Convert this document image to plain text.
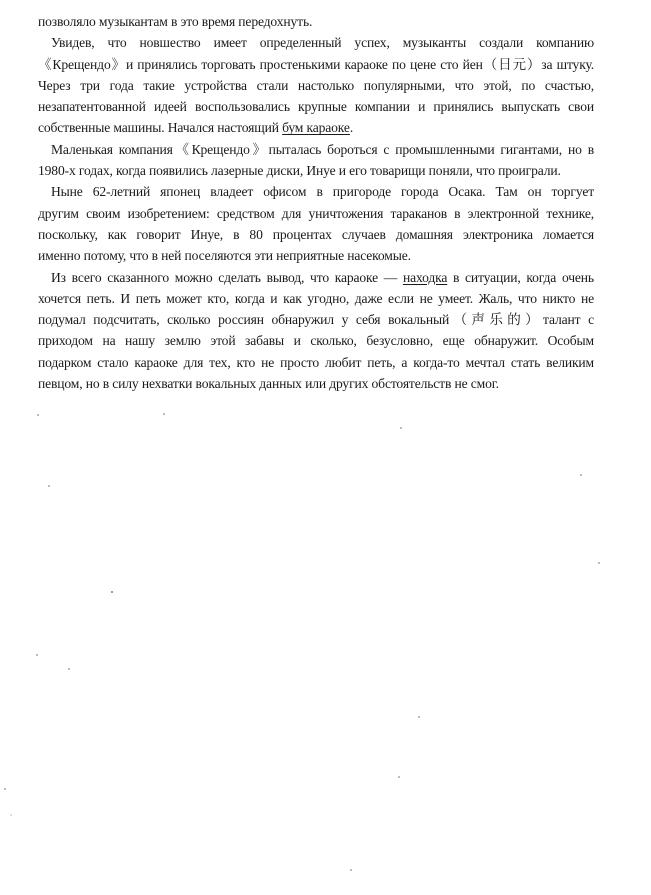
позволяло музыкантам в это время передохнуть.
Увидев, что новшество имеет определенный успех, музыканты создали компанию
《Крещендо》и принялись торговать простенькими караоке по цене сто йен（日元）за штуку.
Через три года такие устройства стали настолько популярными, что этой, по счастью,
незапатентованной идеей воспользовались крупные компании и принялись выпускать свои
собственные машины. Начался настоящий бум караоке.
Маленькая компания《Крещендо》пыталась бороться с промышленными гигантами, но в
1980-х годах, когда появились лазерные диски, Инуе и его товарищи поняли, что проиграли.
Ныне 62-летний японец владеет офисом в пригороде города Осака. Там он торгует
другим своим изобретением: средством для уничтожения тараканов в электронной технике,
поскольку, как говорит Инуе, в 80 процентах случаев домашняя электроника ломается
именно потому, что в ней поселяются эти неприятные насекомые.
Из всего сказанного можно сделать вывод, что караоке — находка в ситуации, когда очень
хочется петь. И петь может кто, когда и как угодно, даже если не умеет. Жаль, что никто не
подумал подсчитать, сколько россиян обнаружил у себя вокальный（声乐的）талант с
приходом на нашу землю этой забавы и сколько, безусловно, еще обнаружит. Особым
подарком стало караоке для тех, кто не просто любит петь, а когда-то мечтал стать великим
певцом, но в силу нехватки вокальных данных или других обстоятельств не смог.
